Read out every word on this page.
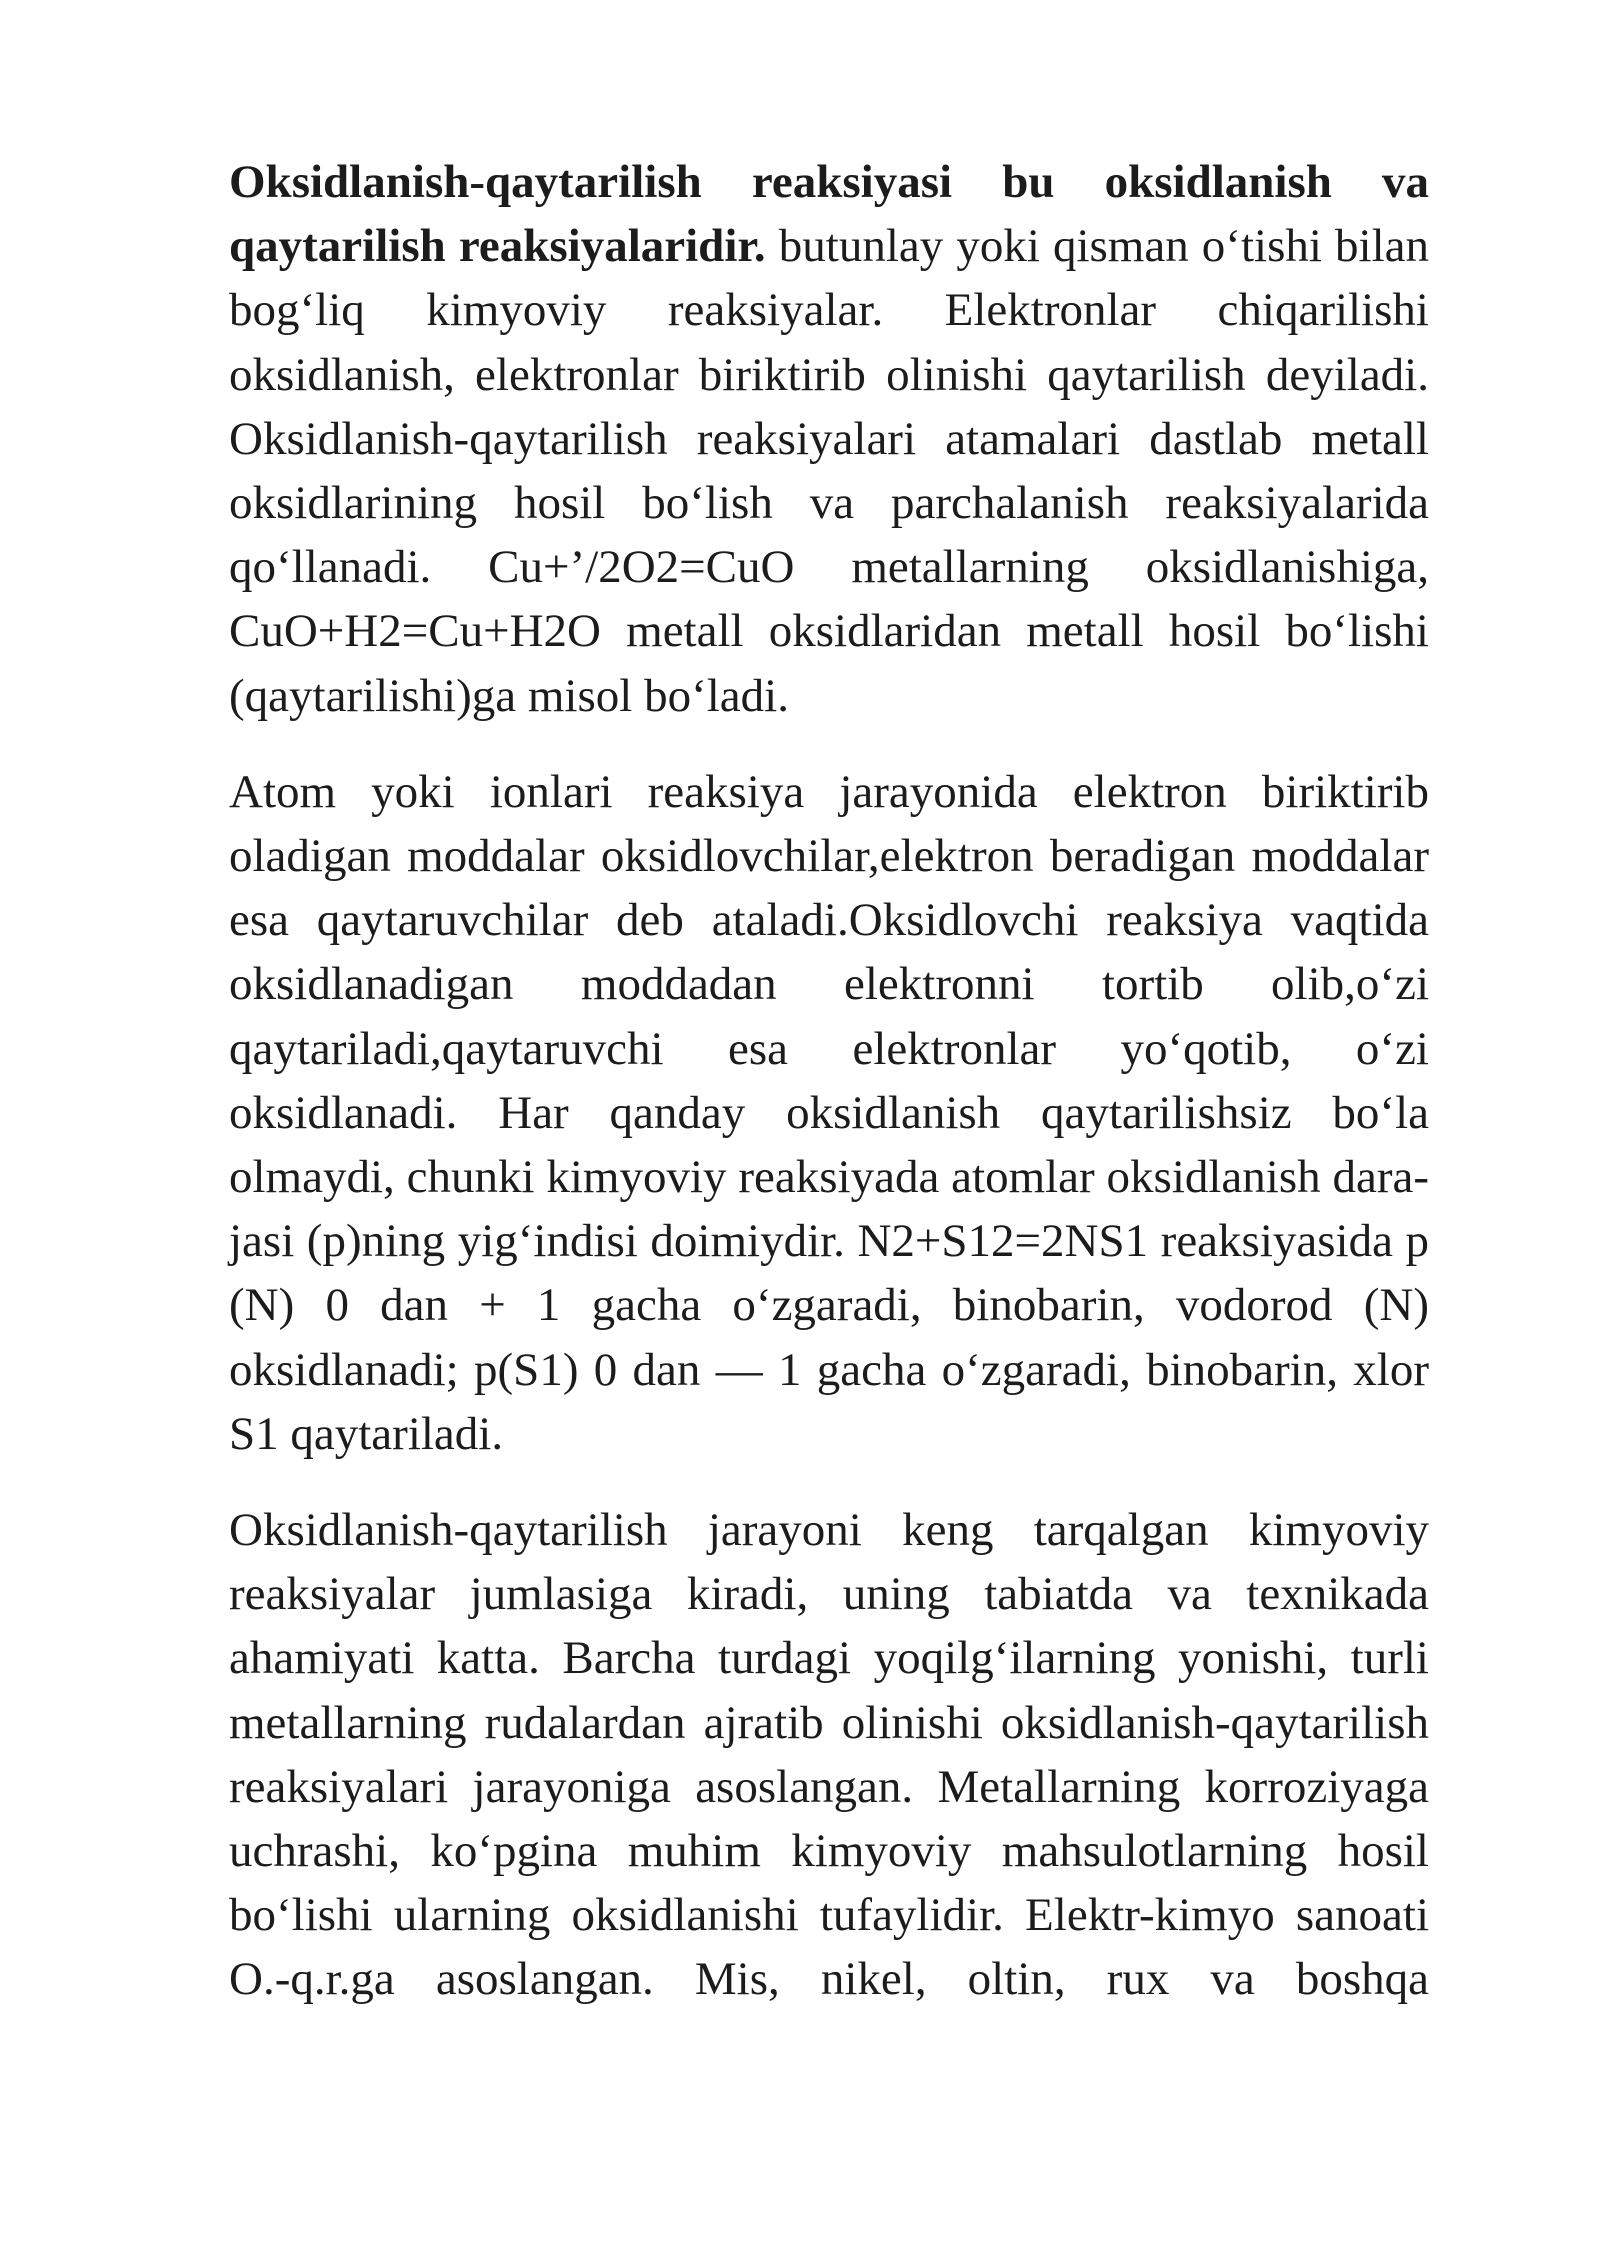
Oksidlanish-qaytarilish reaksiyasi bu oksidlanish va qaytarilish reaksiyalaridir. butunlay yoki qisman o‘tishi bilan bog‘liq kimyoviy reaksiyalar. Elektronlar chiqarilishi oksidlanish, elektronlar biriktirib olinishi qaytarilish deyiladi. Oksidlanish-qaytarilish reaksiyalari atamalari dastlab metall oksidlarining hosil bo‘lish va parchalanish reaksiyalarida qo‘llanadi. Cu+’/2O2=CuO metallarning oksidlanishiga, CuO+H2=Cu+H2O metall oksidlaridan metall hosil bo‘lishi (qaytarilishi)ga misol bo‘ladi.

Atom yoki ionlari reaksiya jarayonida elektron biriktirib oladigan moddalar oksidlovchilar,elektron beradigan moddalar esa qaytaruvchilar deb ataladi.Oksidlovchi reaksiya vaqtida oksidlanadigan moddadan elektronni tortib olib,o‘zi qaytariladi,qaytaruvchi esa elektronlar yo‘qotib, o‘zi oksidlanadi. Har qanday oksidlanish qaytarilishsiz bo‘la olmaydi, chunki kimyoviy reaksiyada atomlar oksidlanish dara-jasi (p)ning yig‘indisi doimiydir. N2+S12=2NS1 reaksiyasida p (N) 0 dan + 1 gacha o‘zgaradi, binobarin, vodorod (N) oksidlanadi; p(S1) 0 dan — 1 gacha o‘zgaradi, binobarin, xlor S1 qaytariladi.

Oksidlanish-qaytarilish jarayoni keng tarqalgan kimyoviy reaksiyalar jumlasiga kiradi, uning tabiatda va texnikada ahamiyati katta. Barcha turdagi yoqilg‘ilarning yonishi, turli metallarning rudalardan ajratib olinishi oksidlanish-qaytarilish reaksiyalari jarayoniga asoslangan. Metallarning korroziyaga uchrashi, ko‘pgina muhim kimyoviy mahsulotlarning hosil bo‘lishi ularning oksidlanishi tufaylidir. Elektr-kimyo sanoati O.-q.r.ga asoslangan. Mis, nikel, oltin, rux va boshqa
